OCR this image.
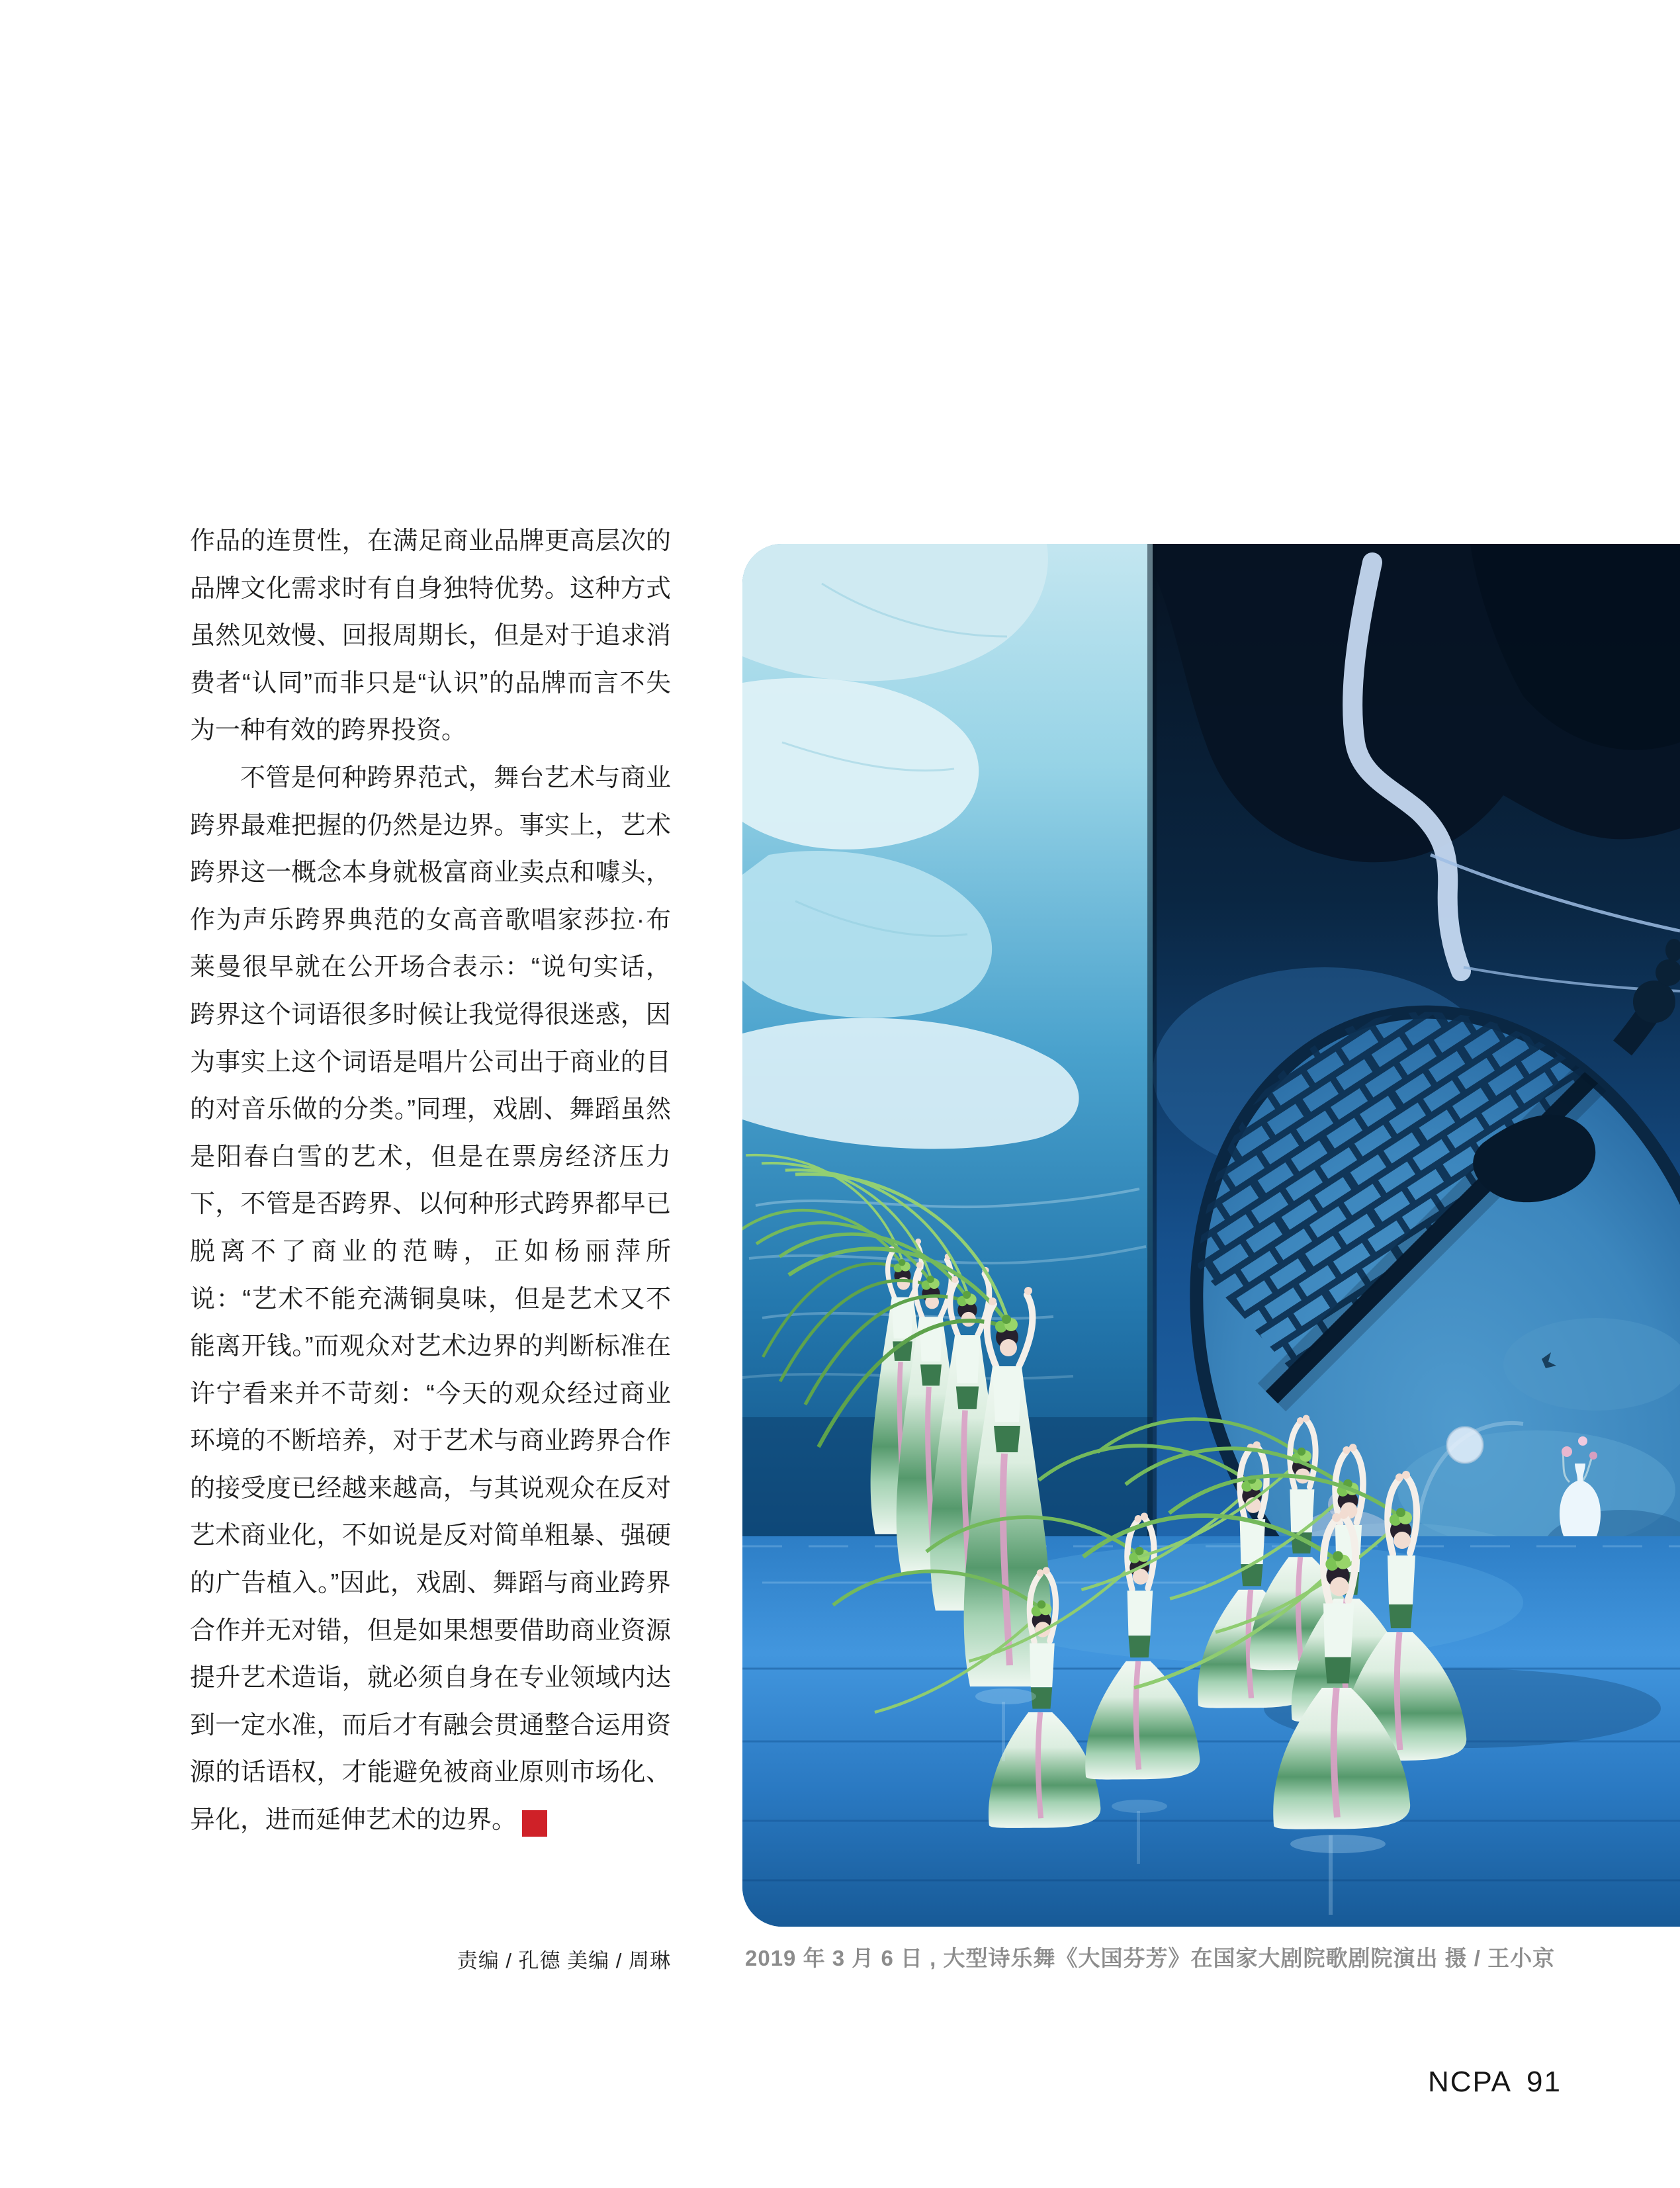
作品的连贯性，在满足商业品牌更高层次的品牌文化需求时有自身独特优势。这种方式虽然见效慢、回报周期长，但是对于追求消费者“认同”而非只是“认识”的品牌而言不失为一种有效的跨界投资。

不管是何种跨界范式，舞台艺术与商业跨界最难把握的仍然是边界。事实上，艺术跨界这一概念本身就极富商业卖点和噱头，作为声乐跨界典范的女高音歌唱家莎拉·布莱曼很早就在公开场合表示：“说句实话，跨界这个词语很多时候让我觉得很迷惑，因为事实上这个词语是唱片公司出于商业的目的对音乐做的分类。”同理，戏剧、舞蹈虽然是阳春白雪的艺术，但是在票房经济压力下，不管是否跨界、以何种形式跨界都早已脱离不了商业的范畴，正如杨丽萍所说：“艺术不能充满铜臭味，但是艺术又不能离开钱。”而观众对艺术边界的判断标准在许宁看来并不苛刻：“今天的观众经过商业环境的不断培养，对于艺术与商业跨界合作的接受度已经越来越高，与其说观众在反对艺术商业化，不如说是反对简单粗暴、强硬的广告植入。”因此，戏剧、舞蹈与商业跨界合作并无对错，但是如果想要借助商业资源提升艺术造诣，就必须自身在专业领域内达到一定水准，而后才有融会贯通整合运用资源的话语权，才能避免被商业原则市场化、异化，进而延伸艺术的边界。	NC
PA

责编 / 孔德 美编 / 周琳	2019 年 3 月 6 日 , 大型诗乐舞《大国芬芳》在国家大剧院歌剧院演出 摄 / 王小京
NCPA 91
